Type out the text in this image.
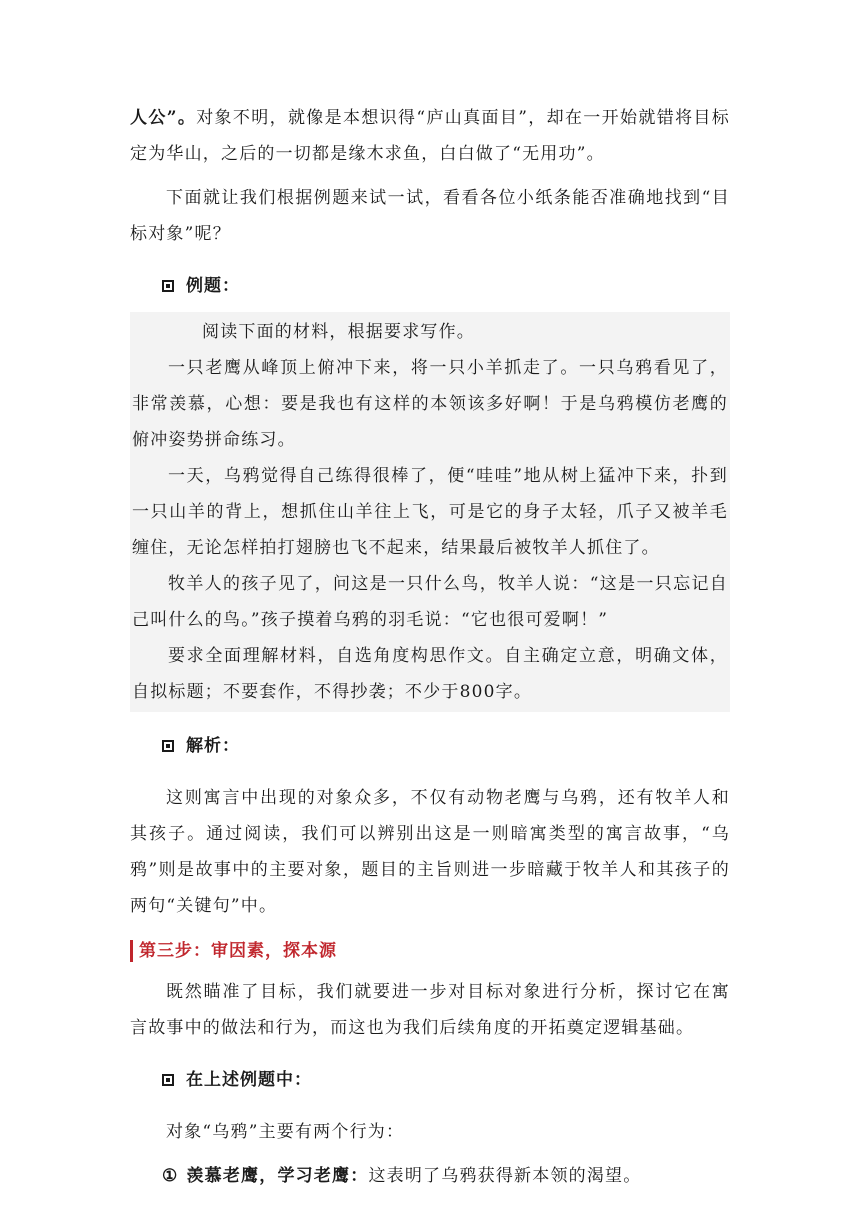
人公”。对象不明，就像是本想识得“庐山真面目”，却在一开始就错将目标定为华山，之后的一切都是缘木求鱼，白白做了“无用功”。

下面就让我们根据例题来试一试，看看各位小纸条能否准确地找到“目标对象”呢？

例题：

阅读下面的材料，根据要求写作。

一只老鹰从峰顶上俯冲下来，将一只小羊抓走了。一只乌鸦看见了，非常羡慕，心想：要是我也有这样的本领该多好啊！于是乌鸦模仿老鹰的俯冲姿势拼命练习。

一天，乌鸦觉得自己练得很棒了，便“哇哇”地从树上猛冲下来，扑到一只山羊的背上，想抓住山羊往上飞，可是它的身子太轻，爪子又被羊毛缠住，无论怎样拍打翅膀也飞不起来，结果最后被牧羊人抓住了。

牧羊人的孩子见了，问这是一只什么鸟，牧羊人说：“这是一只忘记自己叫什么的鸟。”孩子摸着乌鸦的羽毛说：“它也很可爱啊！”

要求全面理解材料，自选角度构思作文。自主确定立意，明确文体，自拟标题；不要套作，不得抄袭；不少于800字。

解析：

这则寓言中出现的对象众多，不仅有动物老鹰与乌鸦，还有牧羊人和其孩子。通过阅读，我们可以辨别出这是一则暗寓类型的寓言故事，“乌鸦”则是故事中的主要对象，题目的主旨则进一步暗藏于牧羊人和其孩子的两句“关键句”中。

第三步：审因素，探本源

既然瞄准了目标，我们就要进一步对目标对象进行分析，探讨它在寓言故事中的做法和行为，而这也为我们后续角度的开拓奠定逻辑基础。

在上述例题中：

对象“乌鸦”主要有两个行为：

① 羡慕老鹰，学习老鹰：这表明了乌鸦获得新本领的渴望。
